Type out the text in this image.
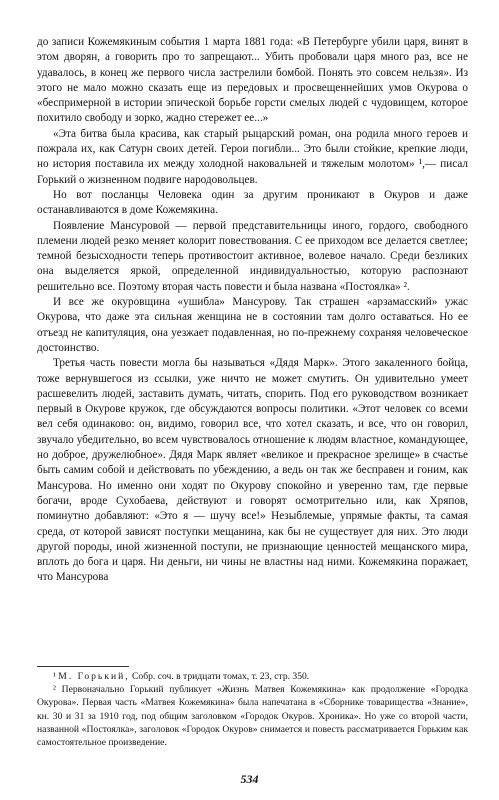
до записи Кожемякиным события 1 марта 1881 года: «В Петербурге убили царя, винят в этом дворян, а говорить про то запрещают... Убить пробовали царя много раз, все не удавалось, в конец же первого числа застрелили бомбой. Понять это совсем нельзя». Из этого не мало можно сказать еще из передовых и просвещеннейших умов Окурова о «беспримерной в истории эпической борьбе горсти смелых людей с чудовищем, которое похитило свободу и зорко, жадно стережет ее...»

«Эта битва была красива, как старый рыцарский роман, она родила много героев и пожрала их, как Сатурн своих детей. Герои погибли... Это были стойкие, крепкие люди, но история поставила их между холодной наковальней и тяжелым молотом» ¹,— писал Горький о жизненном подвиге народовольцев.

Но вот посланцы Человека один за другим проникают в Окуров и даже останавливаются в доме Кожемякина.

Появление Мансуровой — первой представительницы иного, гордого, свободного племени людей резко меняет колорит повествования. С ее приходом все делается светлее; темной безысходности теперь противостоит активное, волевое начало. Среди безликих она выделяется яркой, определенной индивидуальностью, которую распознают решительно все. Поэтому вторая часть повести и была названа «Постоялка» ².

И все же окуровщина «ушибла» Мансурову. Так страшен «арзамасский» ужас Окурова, что даже эта сильная женщина не в состоянии там долго оставаться. Но ее отъезд не капитуляция, она уезжает подавленная, но по-прежнему сохраняя человеческое достоинство.

Третья часть повести могла бы называться «Дядя Марк». Этого закаленного бойца, тоже вернувшегося из ссылки, уже ничто не может смутить. Он удивительно умеет расшевелить людей, заставить думать, читать, спорить. Под его руководством возникает первый в Окурове кружок, где обсуждаются вопросы политики. «Этот человек со всеми вел себя одинаково: он, видимо, говорил все, что хотел сказать, и все, что он говорил, звучало убедительно, во всем чувствовалось отношение к людям властное, командующее, но доброе, дружелюбное». Дядя Марк являет «великое и прекрасное зрелище» в счастье быть самим собой и действовать по убеждению, а ведь он так же бесправен и гоним, как Мансурова. Но именно они ходят по Окурову спокойно и уверенно там, где первые богачи, вроде Сухобаева, действуют и говорят осмотрительно или, как Хряпов, поминутно добавляют: «Это я — шучу все!» Незыблемые, упрямые факты, та самая среда, от которой зависят поступки мещанина, как бы не существует для них. Это люди другой породы, иной жизненной поступи, не признающие ценностей мещанского мира, вплоть до бога и царя. Ни деньги, ни чины не властны над ними. Кожемякина поражает, что Мансурова

¹ М. Горький, Собр. соч. в тридцати томах, т. 23, стр. 350.

² Первоначально Горький публикует «Жизнь Матвея Кожемякина» как продолжение «Городка Окурова». Первая часть «Матвея Кожемякина» была напечатана в «Сборнике товарищества «Знание», кн. 30 и 31 за 1910 год, под общим заголовком «Городок Окуров. Хроника». Но уже со второй части, названной «Постоялка», заголовок «Городок Окуров» снимается и повесть рассматривается Горьким как самостоятельное произведение.

534
